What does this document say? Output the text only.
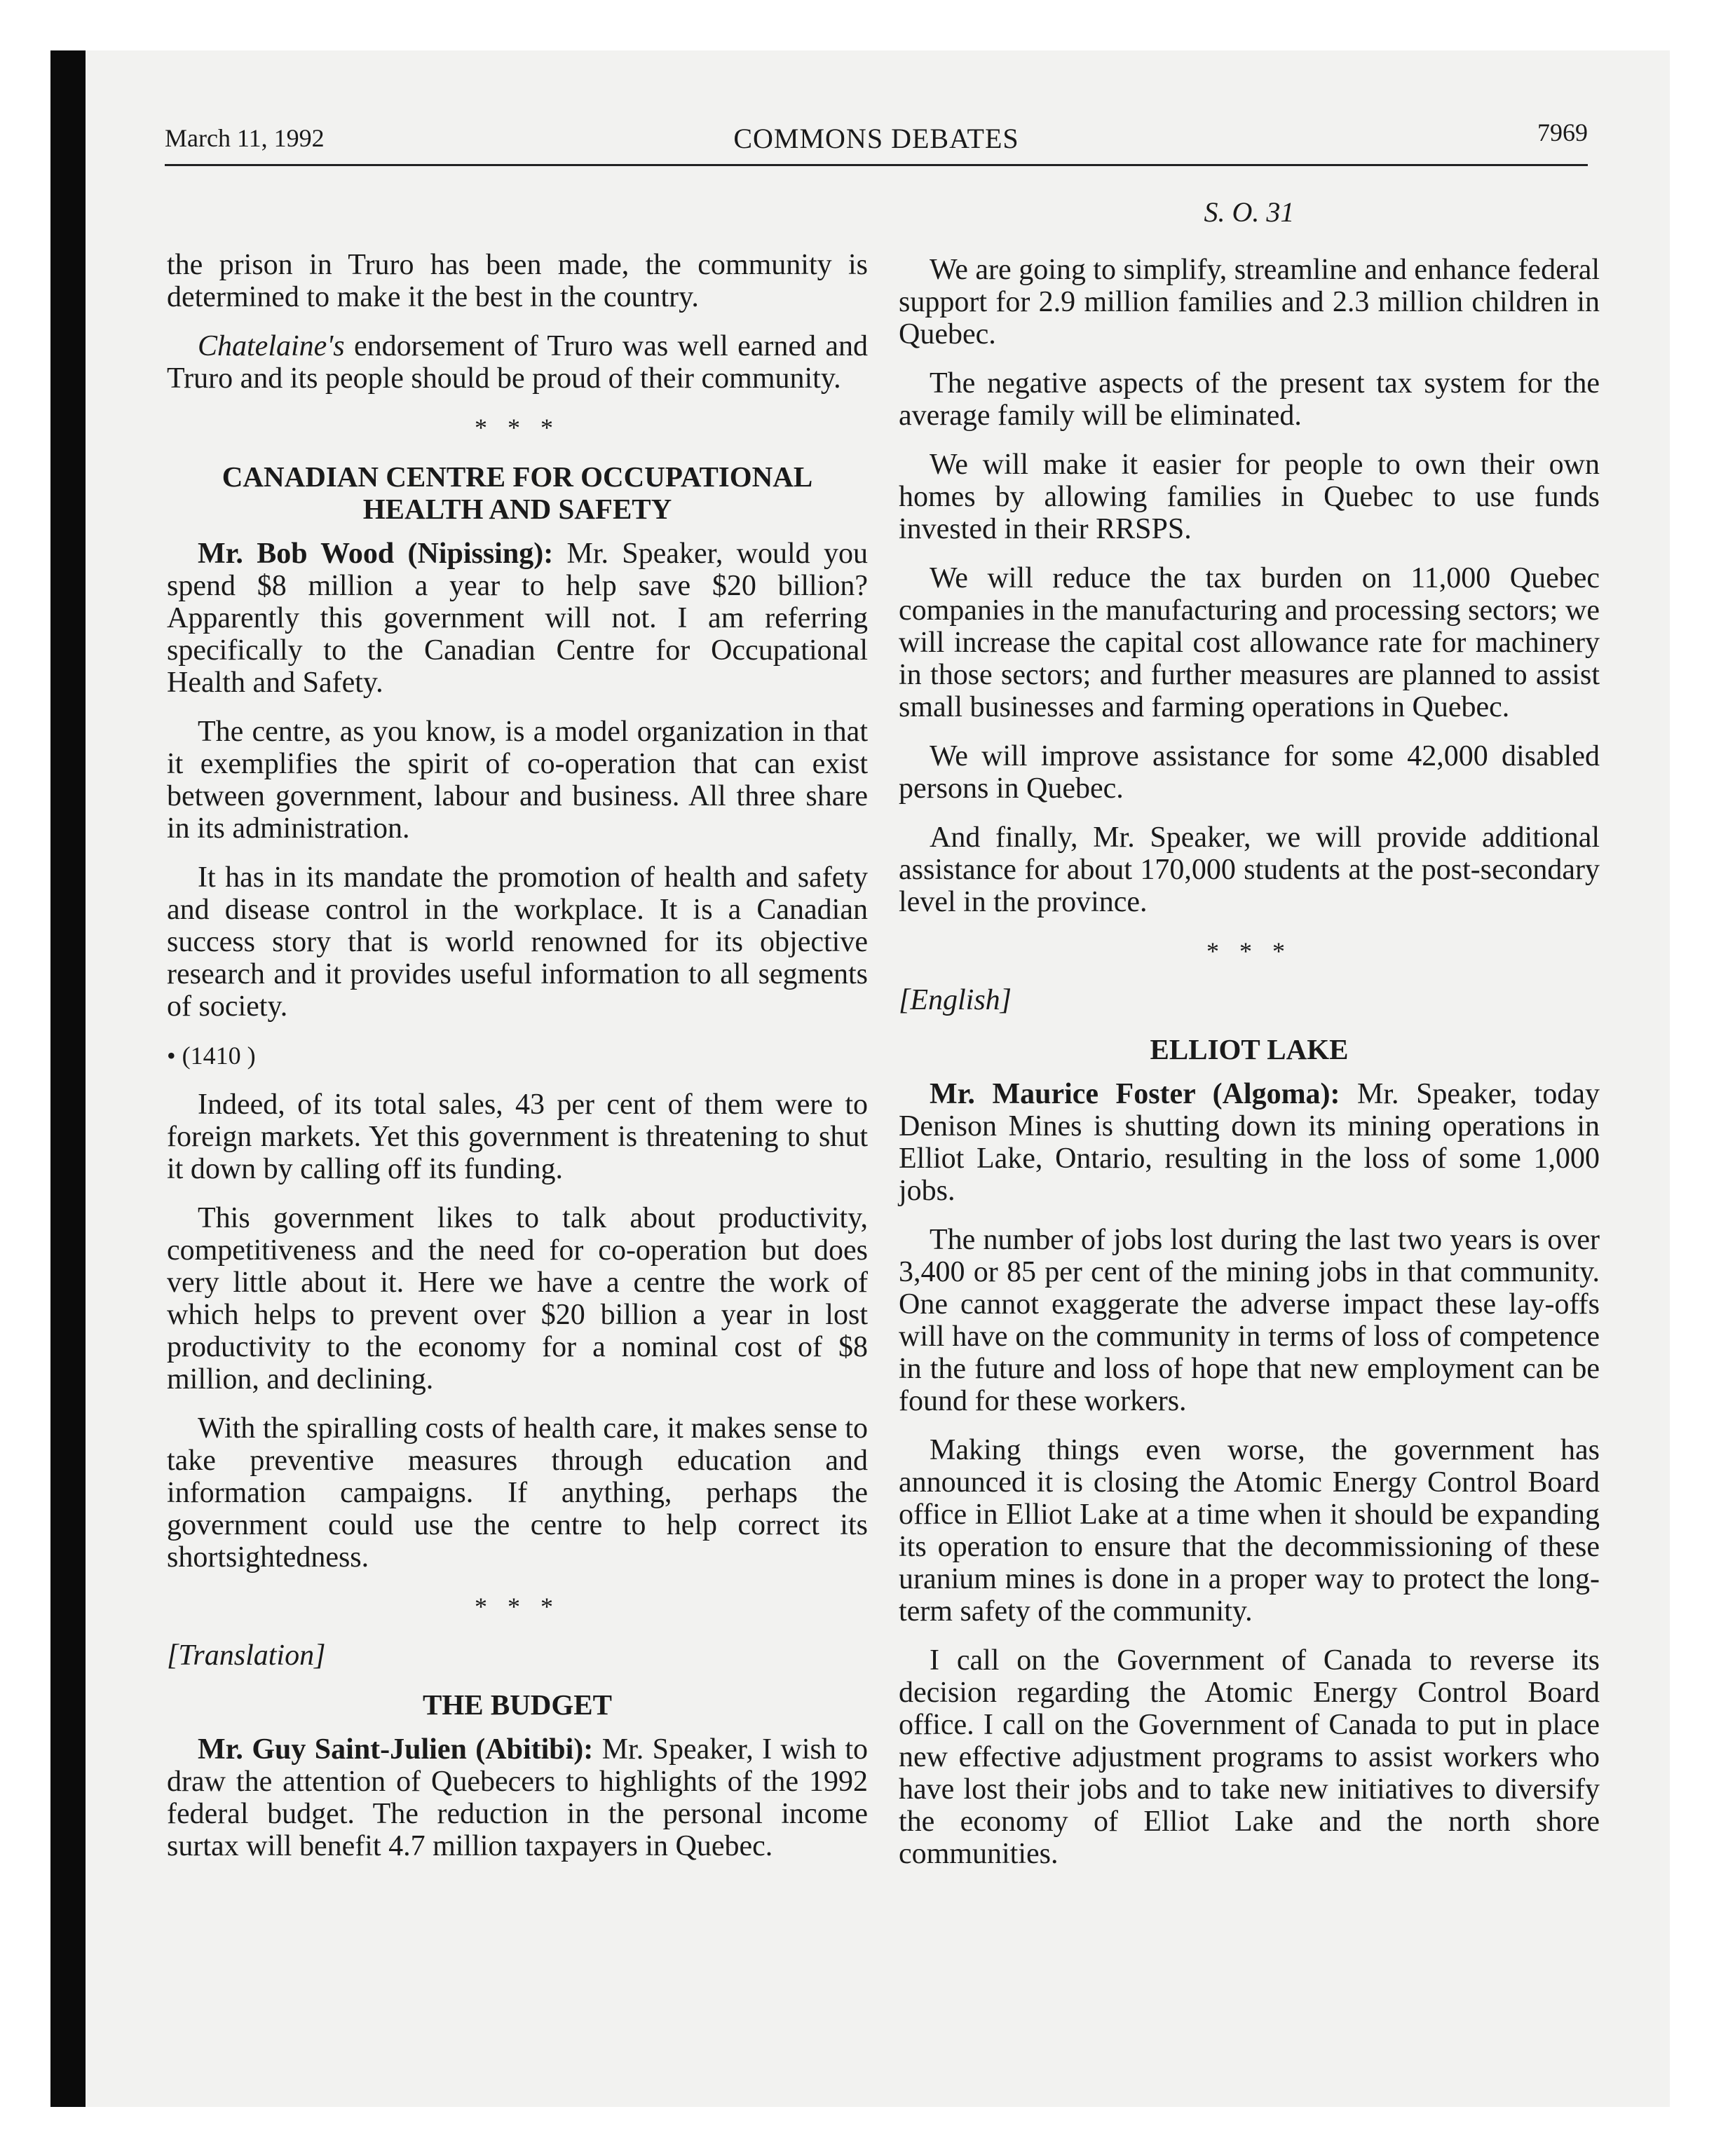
March 11, 1992	COMMONS DEBATES	7969

the prison in Truro has been made, the community is determined to make it the best in the country.

Chatelaine's endorsement of Truro was well earned and Truro and its people should be proud of their community.

* * *
CANADIAN CENTRE FOR OCCUPATIONAL HEALTH AND SAFETY

Mr. Bob Wood (Nipissing): Mr. Speaker, would you spend $8 million a year to help save $20 billion? Apparently this government will not. I am referring specifically to the Canadian Centre for Occupational Health and Safety.

The centre, as you know, is a model organization in that it exemplifies the spirit of co-operation that can exist between government, labour and business. All three share in its administration.

It has in its mandate the promotion of health and safety and disease control in the workplace. It is a Canadian success story that is world renowned for its objective research and it provides useful information to all segments of society.

• (1410 )

Indeed, of its total sales, 43 per cent of them were to foreign markets. Yet this government is threatening to shut it down by calling off its funding.

This government likes to talk about productivity, competitiveness and the need for co-operation but does very little about it. Here we have a centre the work of which helps to prevent over $20 billion a year in lost productivity to the economy for a nominal cost of $8 million, and declining.

With the spiralling costs of health care, it makes sense to take preventive measures through education and information campaigns. If anything, perhaps the government could use the centre to help correct its shortsightedness.

* * *
[Translation]
THE BUDGET

Mr. Guy Saint-Julien (Abitibi): Mr. Speaker, I wish to draw the attention of Quebecers to highlights of the 1992 federal budget. The reduction in the personal income surtax will benefit 4.7 million taxpayers in Quebec.

S. O. 31

We are going to simplify, streamline and enhance federal support for 2.9 million families and 2.3 million children in Quebec.

The negative aspects of the present tax system for the average family will be eliminated.

We will make it easier for people to own their own homes by allowing families in Quebec to use funds invested in their RRSPS.

We will reduce the tax burden on 11,000 Quebec companies in the manufacturing and processing sectors; we will increase the capital cost allowance rate for machinery in those sectors; and further measures are planned to assist small businesses and farming operations in Quebec.

We will improve assistance for some 42,000 disabled persons in Quebec.

And finally, Mr. Speaker, we will provide additional assistance for about 170,000 students at the post-secondary level in the province.

* * *
[English]
ELLIOT LAKE

Mr. Maurice Foster (Algoma): Mr. Speaker, today Denison Mines is shutting down its mining operations in Elliot Lake, Ontario, resulting in the loss of some 1,000 jobs.

The number of jobs lost during the last two years is over 3,400 or 85 per cent of the mining jobs in that community. One cannot exaggerate the adverse impact these lay-offs will have on the community in terms of loss of competence in the future and loss of hope that new employment can be found for these workers.

Making things even worse, the government has announced it is closing the Atomic Energy Control Board office in Elliot Lake at a time when it should be expanding its operation to ensure that the decommissioning of these uranium mines is done in a proper way to protect the long-term safety of the community.

I call on the Government of Canada to reverse its decision regarding the Atomic Energy Control Board office. I call on the Government of Canada to put in place new effective adjustment programs to assist workers who have lost their jobs and to take new initiatives to diversify the economy of Elliot Lake and the north shore communities.
